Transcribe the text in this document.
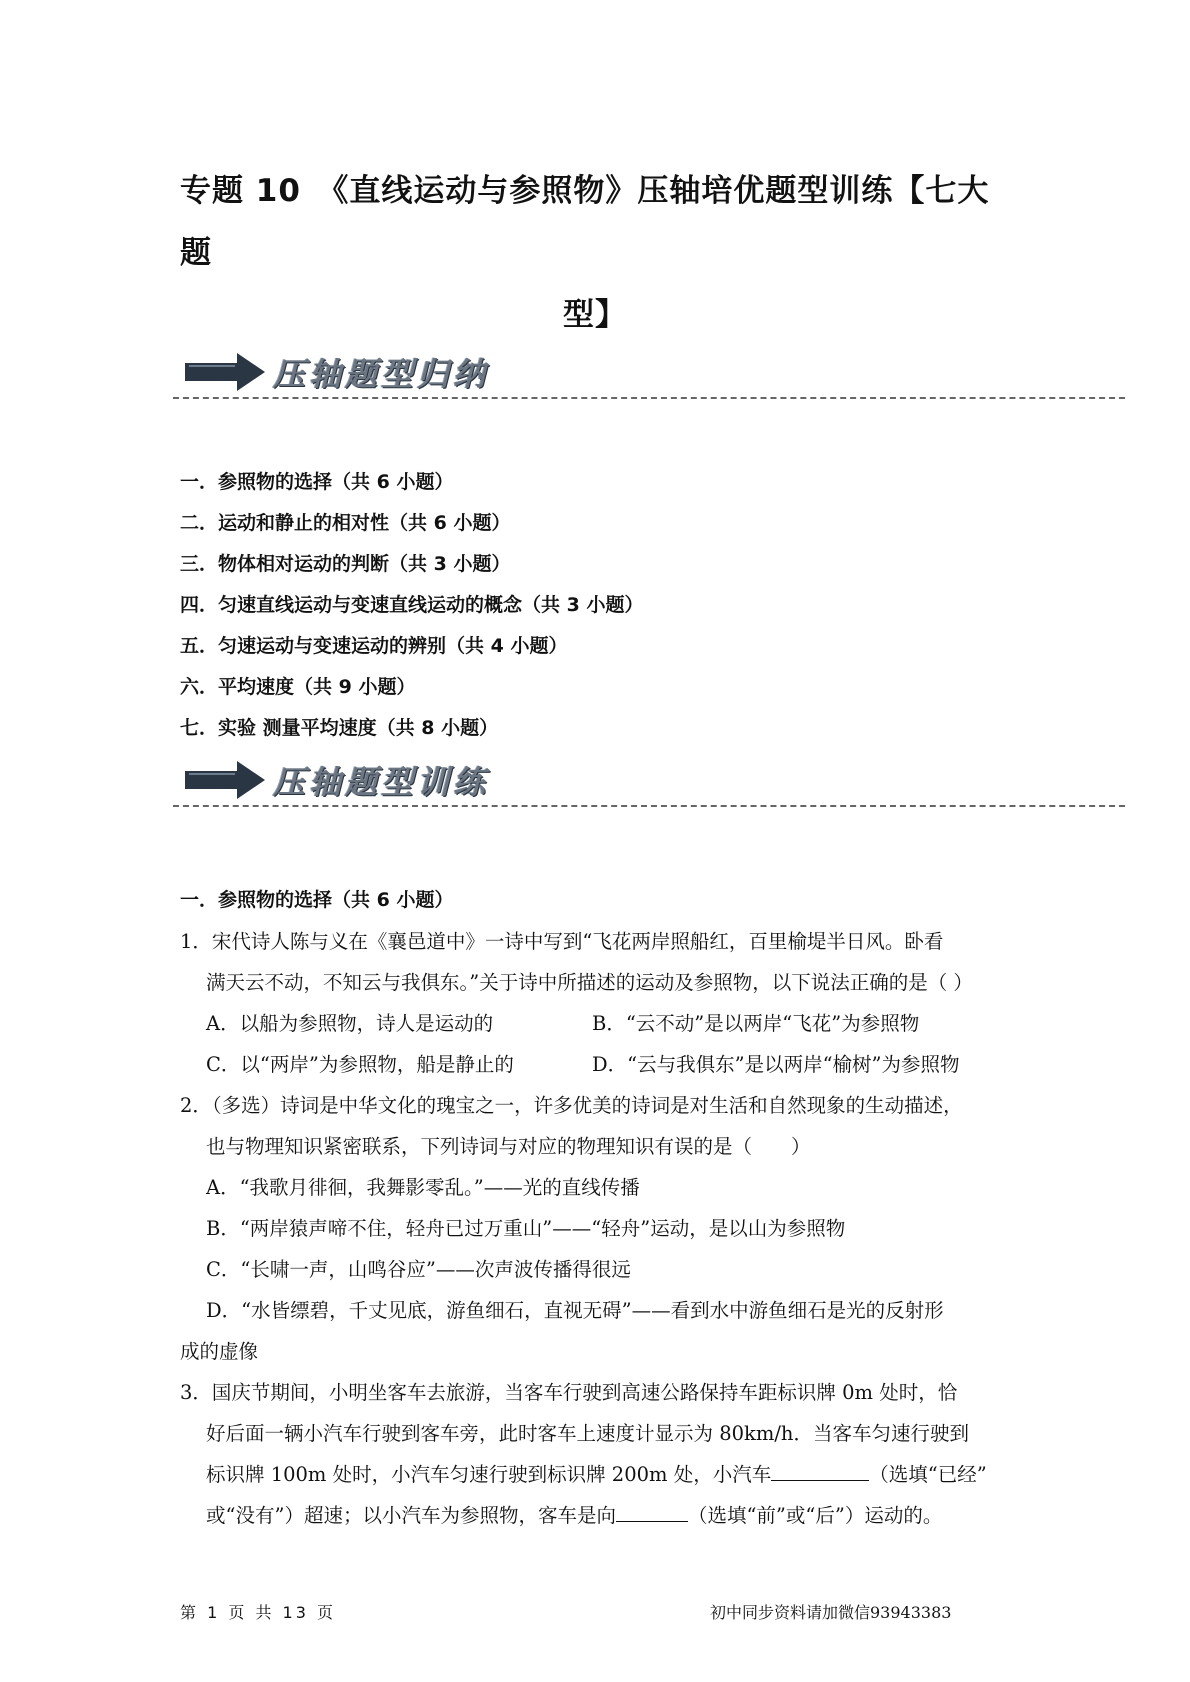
专题 10　《直线运动与参照物》压轴培优题型训练【七大题
型】
压轴题型归纳
一．参照物的选择（共 6 小题）
二．运动和静止的相对性（共 6 小题）
三．物体相对运动的判断（共 3 小题）
四．匀速直线运动与变速直线运动的概念（共 3 小题）
五．匀速运动与变速运动的辨别（共 4 小题）
六．平均速度（共 9 小题）
七．实验 测量平均速度（共 8 小题）
压轴题型训练
一．参照物的选择（共 6 小题）
1．宋代诗人陈与义在《襄邑道中》一诗中写到“飞花两岸照船红，百里榆堤半日风。卧看
满天云不动，不知云与我俱东。”关于诗中所描述的运动及参照物，以下说法正确的是（ ）
A．以船为参照物，诗人是运动的	B．“云不动”是以两岸“飞花”为参照物
C．以“两岸”为参照物，船是静止的	D．“云与我俱东”是以两岸“榆树”为参照物
2．（多选）诗词是中华文化的瑰宝之一，许多优美的诗词是对生活和自然现象的生动描述，
也与物理知识紧密联系，下列诗词与对应的物理知识有误的是（　　）
A．“我歌月徘徊，我舞影零乱。”——光的直线传播
B．“两岸猿声啼不住，轻舟已过万重山”——“轻舟”运动，是以山为参照物
C．“长啸一声，山鸣谷应”——次声波传播得很远
D．“水皆缥碧，千丈见底，游鱼细石，直视无碍”——看到水中游鱼细石是光的反射形
成的虚像
3．国庆节期间，小明坐客车去旅游，当客车行驶到高速公路保持车距标识牌 0m 处时，恰
好后面一辆小汽车行驶到客车旁，此时客车上速度计显示为 80km/h．当客车匀速行驶到
标识牌 100m 处时，小汽车匀速行驶到标识牌 200m 处，小汽车	（选填“已经”
或“没有”）超速；以小汽车为参照物，客车是向	（选填“前”或“后”）运动的。
第 1 页 共 13 页	初中同步资料请加微信93943383
